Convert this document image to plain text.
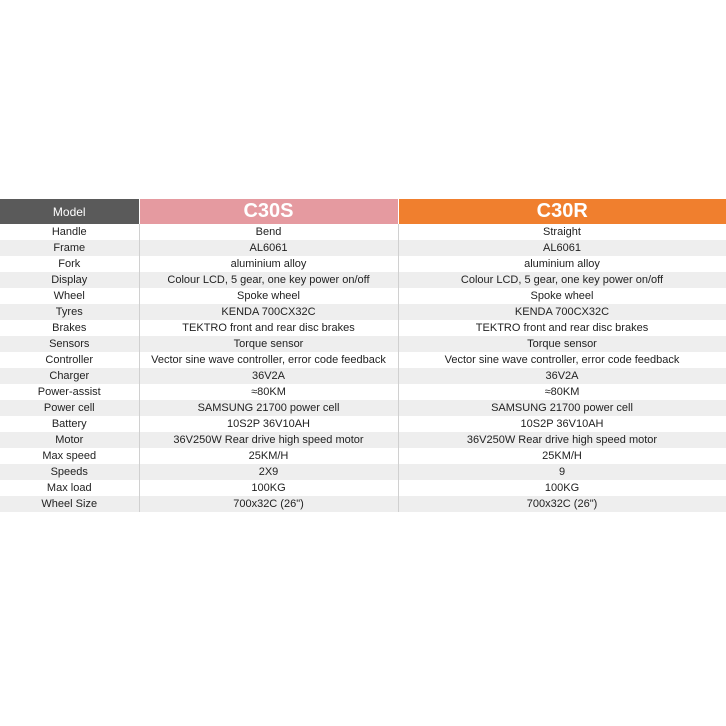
Model	C30S	C30R
Handle	Bend	Straight
Frame	AL6061	AL6061
Fork	aluminium alloy	aluminium alloy
Display	Colour LCD, 5 gear, one key power on/off	Colour LCD, 5 gear, one key power on/off
Wheel	Spoke wheel	Spoke wheel
Tyres	KENDA 700CX32C	KENDA 700CX32C
Brakes	TEKTRO front and rear disc brakes	TEKTRO front and rear disc brakes
Sensors	Torque sensor	Torque sensor
Controller	Vector sine wave controller, error code feedback	Vector sine wave controller, error code feedback
Charger	36V2A	36V2A
Power-assist	≈80KM	≈80KM
Power cell	SAMSUNG 21700 power cell	SAMSUNG 21700 power cell
Battery	10S2P 36V10AH	10S2P 36V10AH
Motor	36V250W Rear drive high speed motor	36V250W Rear drive high speed motor
Max speed	25KM/H	25KM/H
Speeds	2X9	9
Max load	100KG	100KG
Wheel Size	700x32C (26")	700x32C (26")
